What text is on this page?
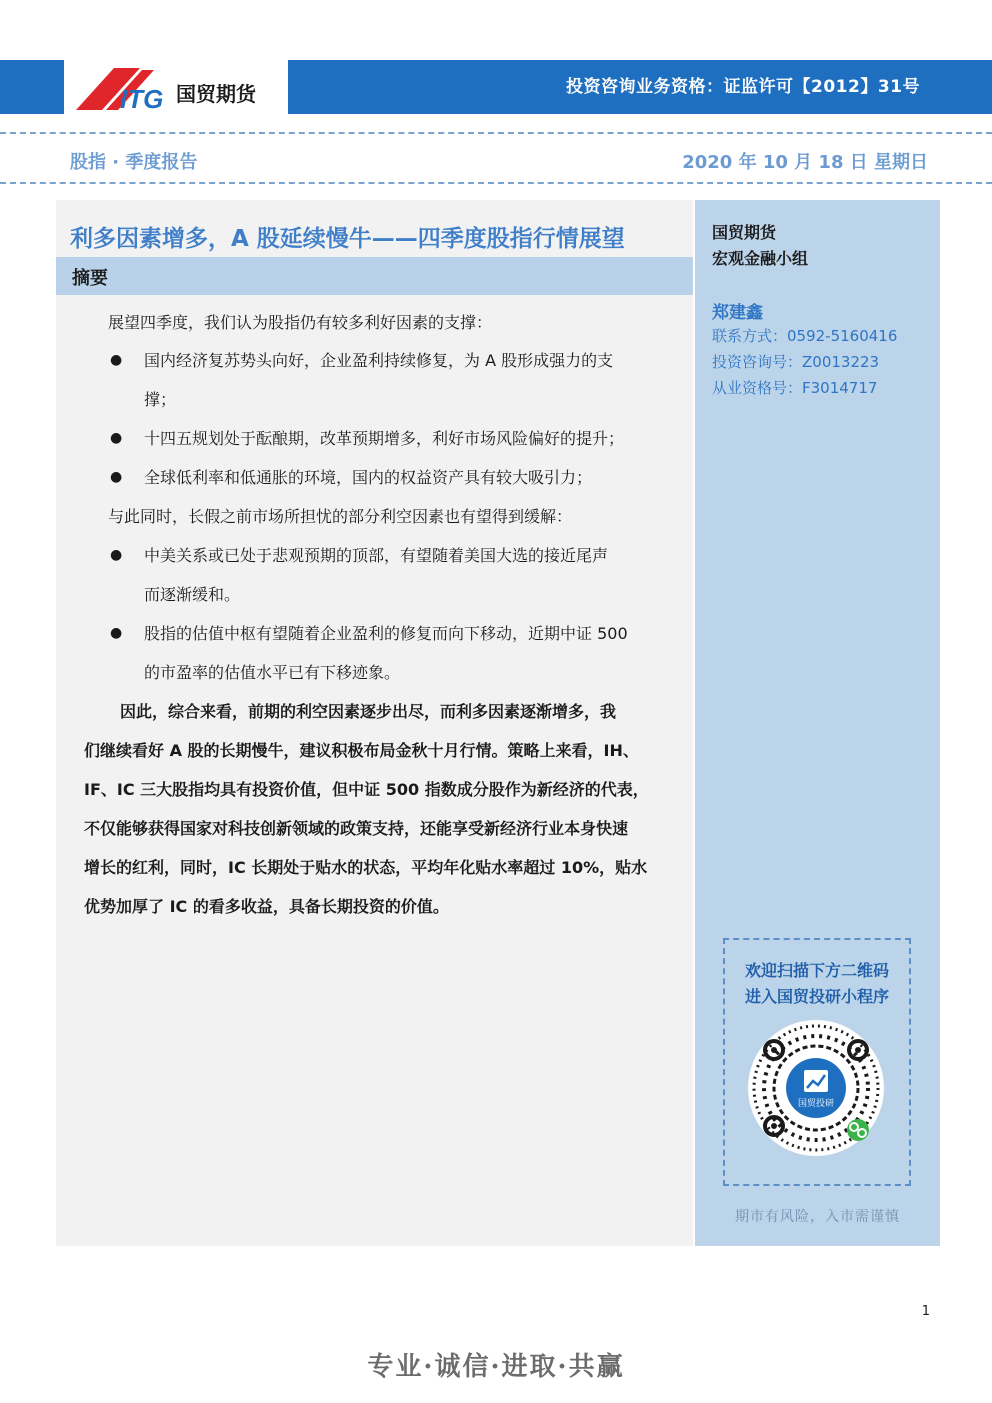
ITG 国贸期货	投资咨询业务资格：证监许可【2012】31号
股指 · 季度报告	2020 年 10 月 18 日 星期日
利多因素增多，A 股延续慢牛——四季度股指行情展望
摘要
展望四季度，我们认为股指仍有较多利好因素的支撑：
● 国内经济复苏势头向好，企业盈利持续修复，为 A 股形成强力的支
撑；
● 十四五规划处于酝酿期，改革预期增多，利好市场风险偏好的提升；
● 全球低利率和低通胀的环境，国内的权益资产具有较大吸引力；
与此同时，长假之前市场所担忧的部分利空因素也有望得到缓解：
● 中美关系或已处于悲观预期的顶部，有望随着美国大选的接近尾声
而逐渐缓和。
● 股指的估值中枢有望随着企业盈利的修复而向下移动，近期中证 500
的市盈率的估值水平已有下移迹象。
因此，综合来看，前期的利空因素逐步出尽，而利多因素逐渐增多，我
们继续看好 A 股的长期慢牛，建议积极布局金秋十月行情。策略上来看，IH、
IF、IC 三大股指均具有投资价值，但中证 500 指数成分股作为新经济的代表，
不仅能够获得国家对科技创新领域的政策支持，还能享受新经济行业本身快速
增长的红利，同时，IC 长期处于贴水的状态，平均年化贴水率超过 10%，贴水
优势加厚了 IC 的看多收益，具备长期投资的价值。
国贸期货
宏观金融小组
郑建鑫
联系方式：0592-5160416
投资咨询号：Z0013223
从业资格号：F3014717
欢迎扫描下方二维码
进入国贸投研小程序
国贸投研
期市有风险，入市需谨慎
1
专业·诚信·进取·共赢
